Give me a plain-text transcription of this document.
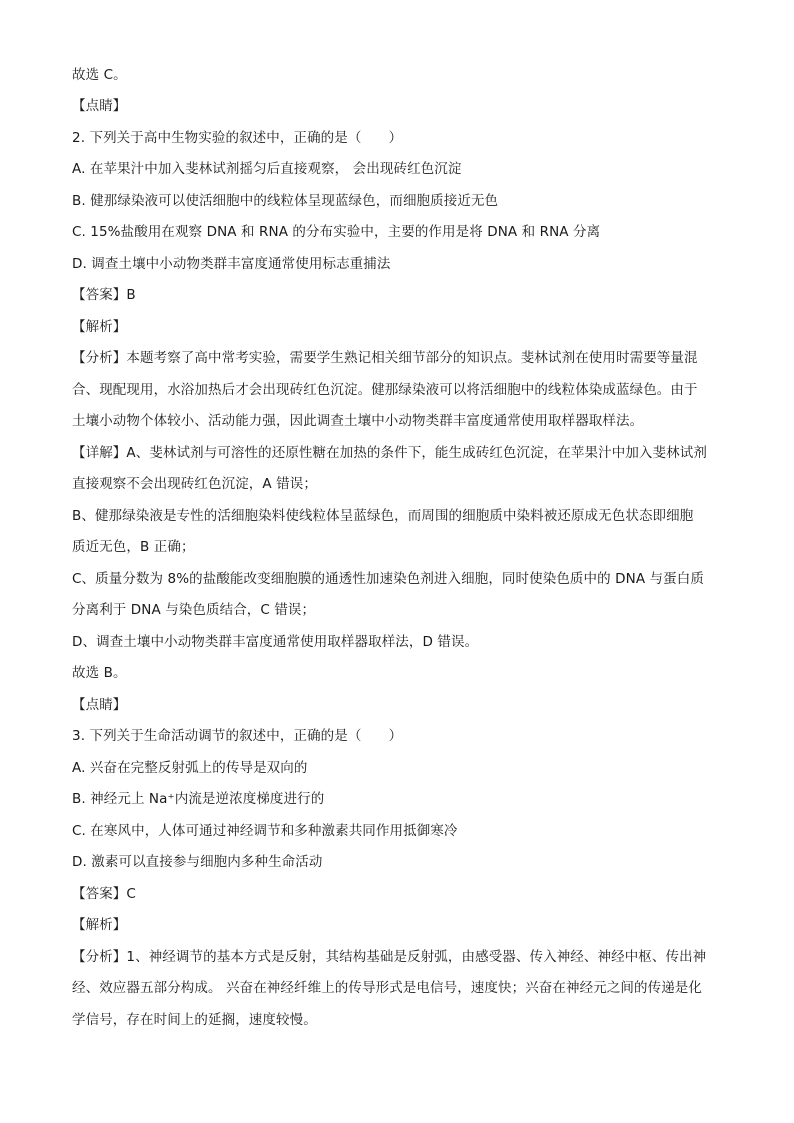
故选 C。
【点睛】
2. 下列关于高中生物实验的叙述中，正确的是（　　）
A. 在苹果汁中加入斐林试剂摇匀后直接观察， 会出现砖红色沉淀
B. 健那绿染液可以使活细胞中的线粒体呈现蓝绿色，而细胞质接近无色
C. 15%盐酸用在观察 DNA 和 RNA 的分布实验中，主要的作用是将 DNA 和 RNA 分离
D. 调查土壤中小动物类群丰富度通常使用标志重捕法
【答案】B
【解析】
【分析】本题考察了高中常考实验，需要学生熟记相关细节部分的知识点。斐林试剂在使用时需要等量混
合、现配现用，水浴加热后才会出现砖红色沉淀。健那绿染液可以将活细胞中的线粒体染成蓝绿色。由于
土壤小动物个体较小、活动能力强，因此调查土壤中小动物类群丰富度通常使用取样器取样法。
【详解】A、斐林试剂与可溶性的还原性糖在加热的条件下，能生成砖红色沉淀，在苹果汁中加入斐林试剂
直接观察不会出现砖红色沉淀，A 错误；
B、健那绿染液是专性的活细胞染料使线粒体呈蓝绿色，而周围的细胞质中染料被还原成无色状态即细胞
质近无色，B 正确；
C、质量分数为 8%的盐酸能改变细胞膜的通透性加速染色剂进入细胞，同时使染色质中的 DNA 与蛋白质
分离利于 DNA 与染色质结合，C 错误；
D、调查土壤中小动物类群丰富度通常使用取样器取样法，D 错误。
故选 B。
【点睛】
3. 下列关于生命活动调节的叙述中，正确的是（　　）
A. 兴奋在完整反射弧上的传导是双向的
B. 神经元上 Na⁺内流是逆浓度梯度进行的
C. 在寒风中，人体可通过神经调节和多种激素共同作用抵御寒冷
D. 激素可以直接参与细胞内多种生命活动
【答案】C
【解析】
【分析】1、神经调节的基本方式是反射，其结构基础是反射弧，由感受器、传入神经、神经中枢、传出神
经、效应器五部分构成。 兴奋在神经纤维上的传导形式是电信号，速度快；兴奋在神经元之间的传递是化
学信号，存在时间上的延搁，速度较慢。
